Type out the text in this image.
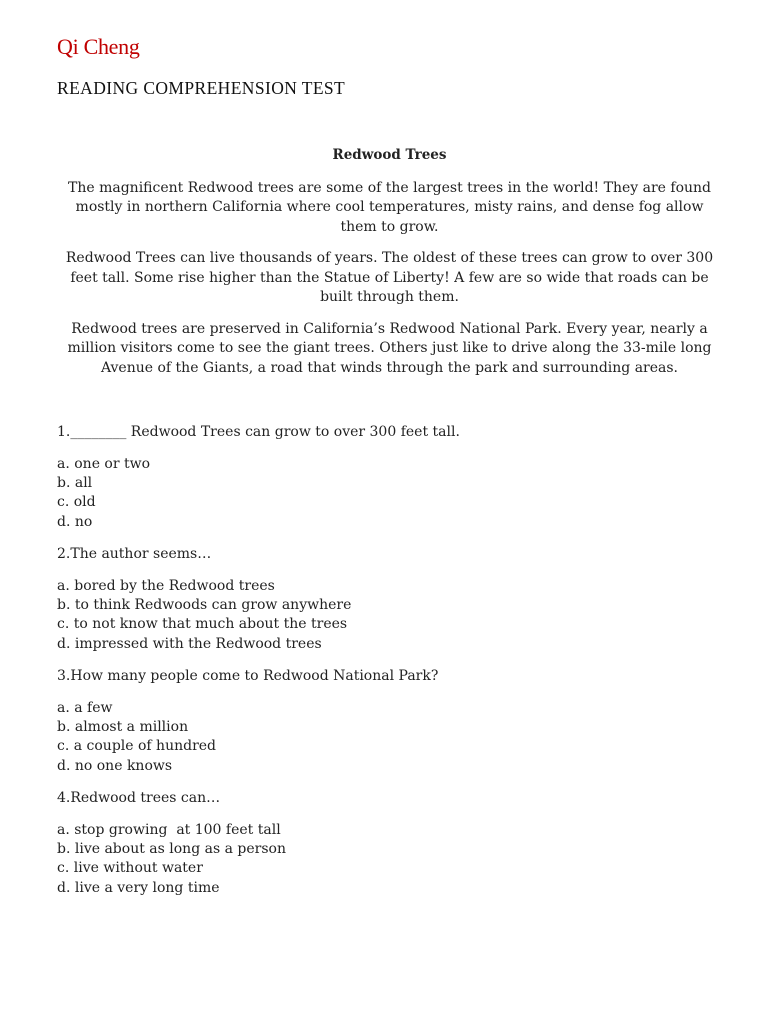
Qi Cheng
READING COMPREHENSION TEST
Redwood Trees

The magnificent Redwood trees are some of the largest trees in the world! They are found mostly in northern California where cool temperatures, misty rains, and dense fog allow them to grow.

Redwood Trees can live thousands of years. The oldest of these trees can grow to over 300 feet tall. Some rise higher than the Statue of Liberty! A few are so wide that roads can be built through them.

Redwood trees are preserved in California’s Redwood National Park. Every year, nearly a million visitors come to see the giant trees. Others just like to drive along the 33-mile long Avenue of the Giants, a road that winds through the park and surrounding areas.

1.________ Redwood Trees can grow to over 300 feet tall.
a. one or two
b. all
c. old
d. no
2.The author seems…
a. bored by the Redwood trees
b. to think Redwoods can grow anywhere
c. to not know that much about the trees
d. impressed with the Redwood trees
3.How many people come to Redwood National Park?
a. a few
b. almost a million
c. a couple of hundred
d. no one knows
4.Redwood trees can…
a. stop growing  at 100 feet tall
b. live about as long as a person
c. live without water
d. live a very long time
